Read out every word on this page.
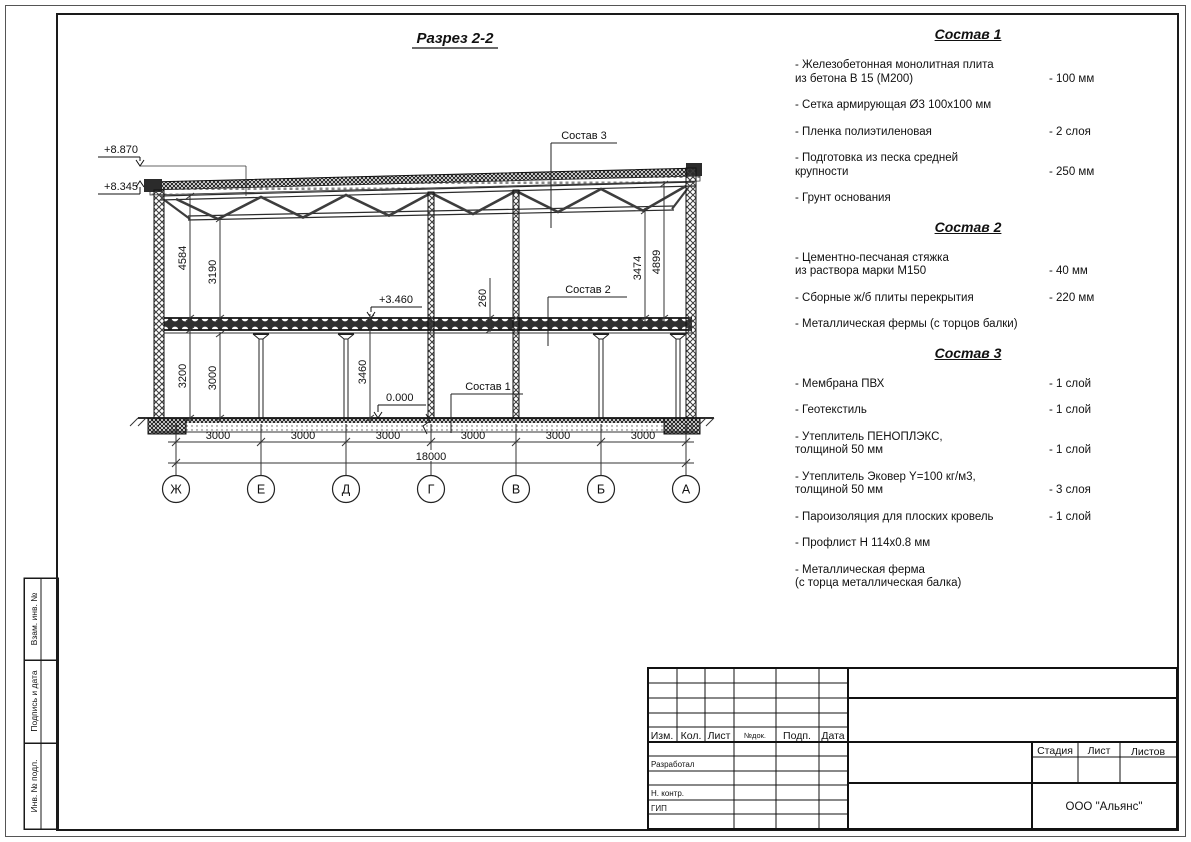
Взам. инв. №
Подпись и дата
Инв. № подл.
Разрез 2-2
+8.870
+8.345
+3.460
0.000
Состав 3
Состав 2
Состав 1
4584
3190	3474 4899
260
3200 3000	3460
3000	3000	3000	3000	3000	3000
18000
Ж	Е	Д	Г	В	Б	А
Изм. Кол. Лист №док. Подп. Дата
Разработал
Н. контр.
ГИП
Стадия Лист Листов
ООО "Альянс"
Состав 1
- Железобетонная монолитная плита
из бетона В 15 (М200)	- 100 мм
- Сетка армирующая Ø3 100х100 мм
- Пленка полиэтиленовая	- 2 слоя
- Подготовка из песка средней
крупности	- 250 мм
- Грунт основания
Состав 2
- Цементно-песчаная стяжка
из раствора марки М150	- 40 мм
- Сборные ж/б плиты перекрытия	- 220 мм
- Металлическая фермы (с торцов балки)
Состав 3
- Мембрана ПВХ	- 1 слой
- Геотекстиль	- 1 слой
- Утеплитель ПЕНОПЛЭКС,
толщиной 50 мм	- 1 слой
- Утеплитель Эковер Y=100 кг/м3,
толщиной 50 мм	- 3 слоя
- Пароизоляция для плоских кровель	- 1 слой
- Профлист Н 114х0.8 мм
- Металлическая ферма
(с торца металлическая балка)
